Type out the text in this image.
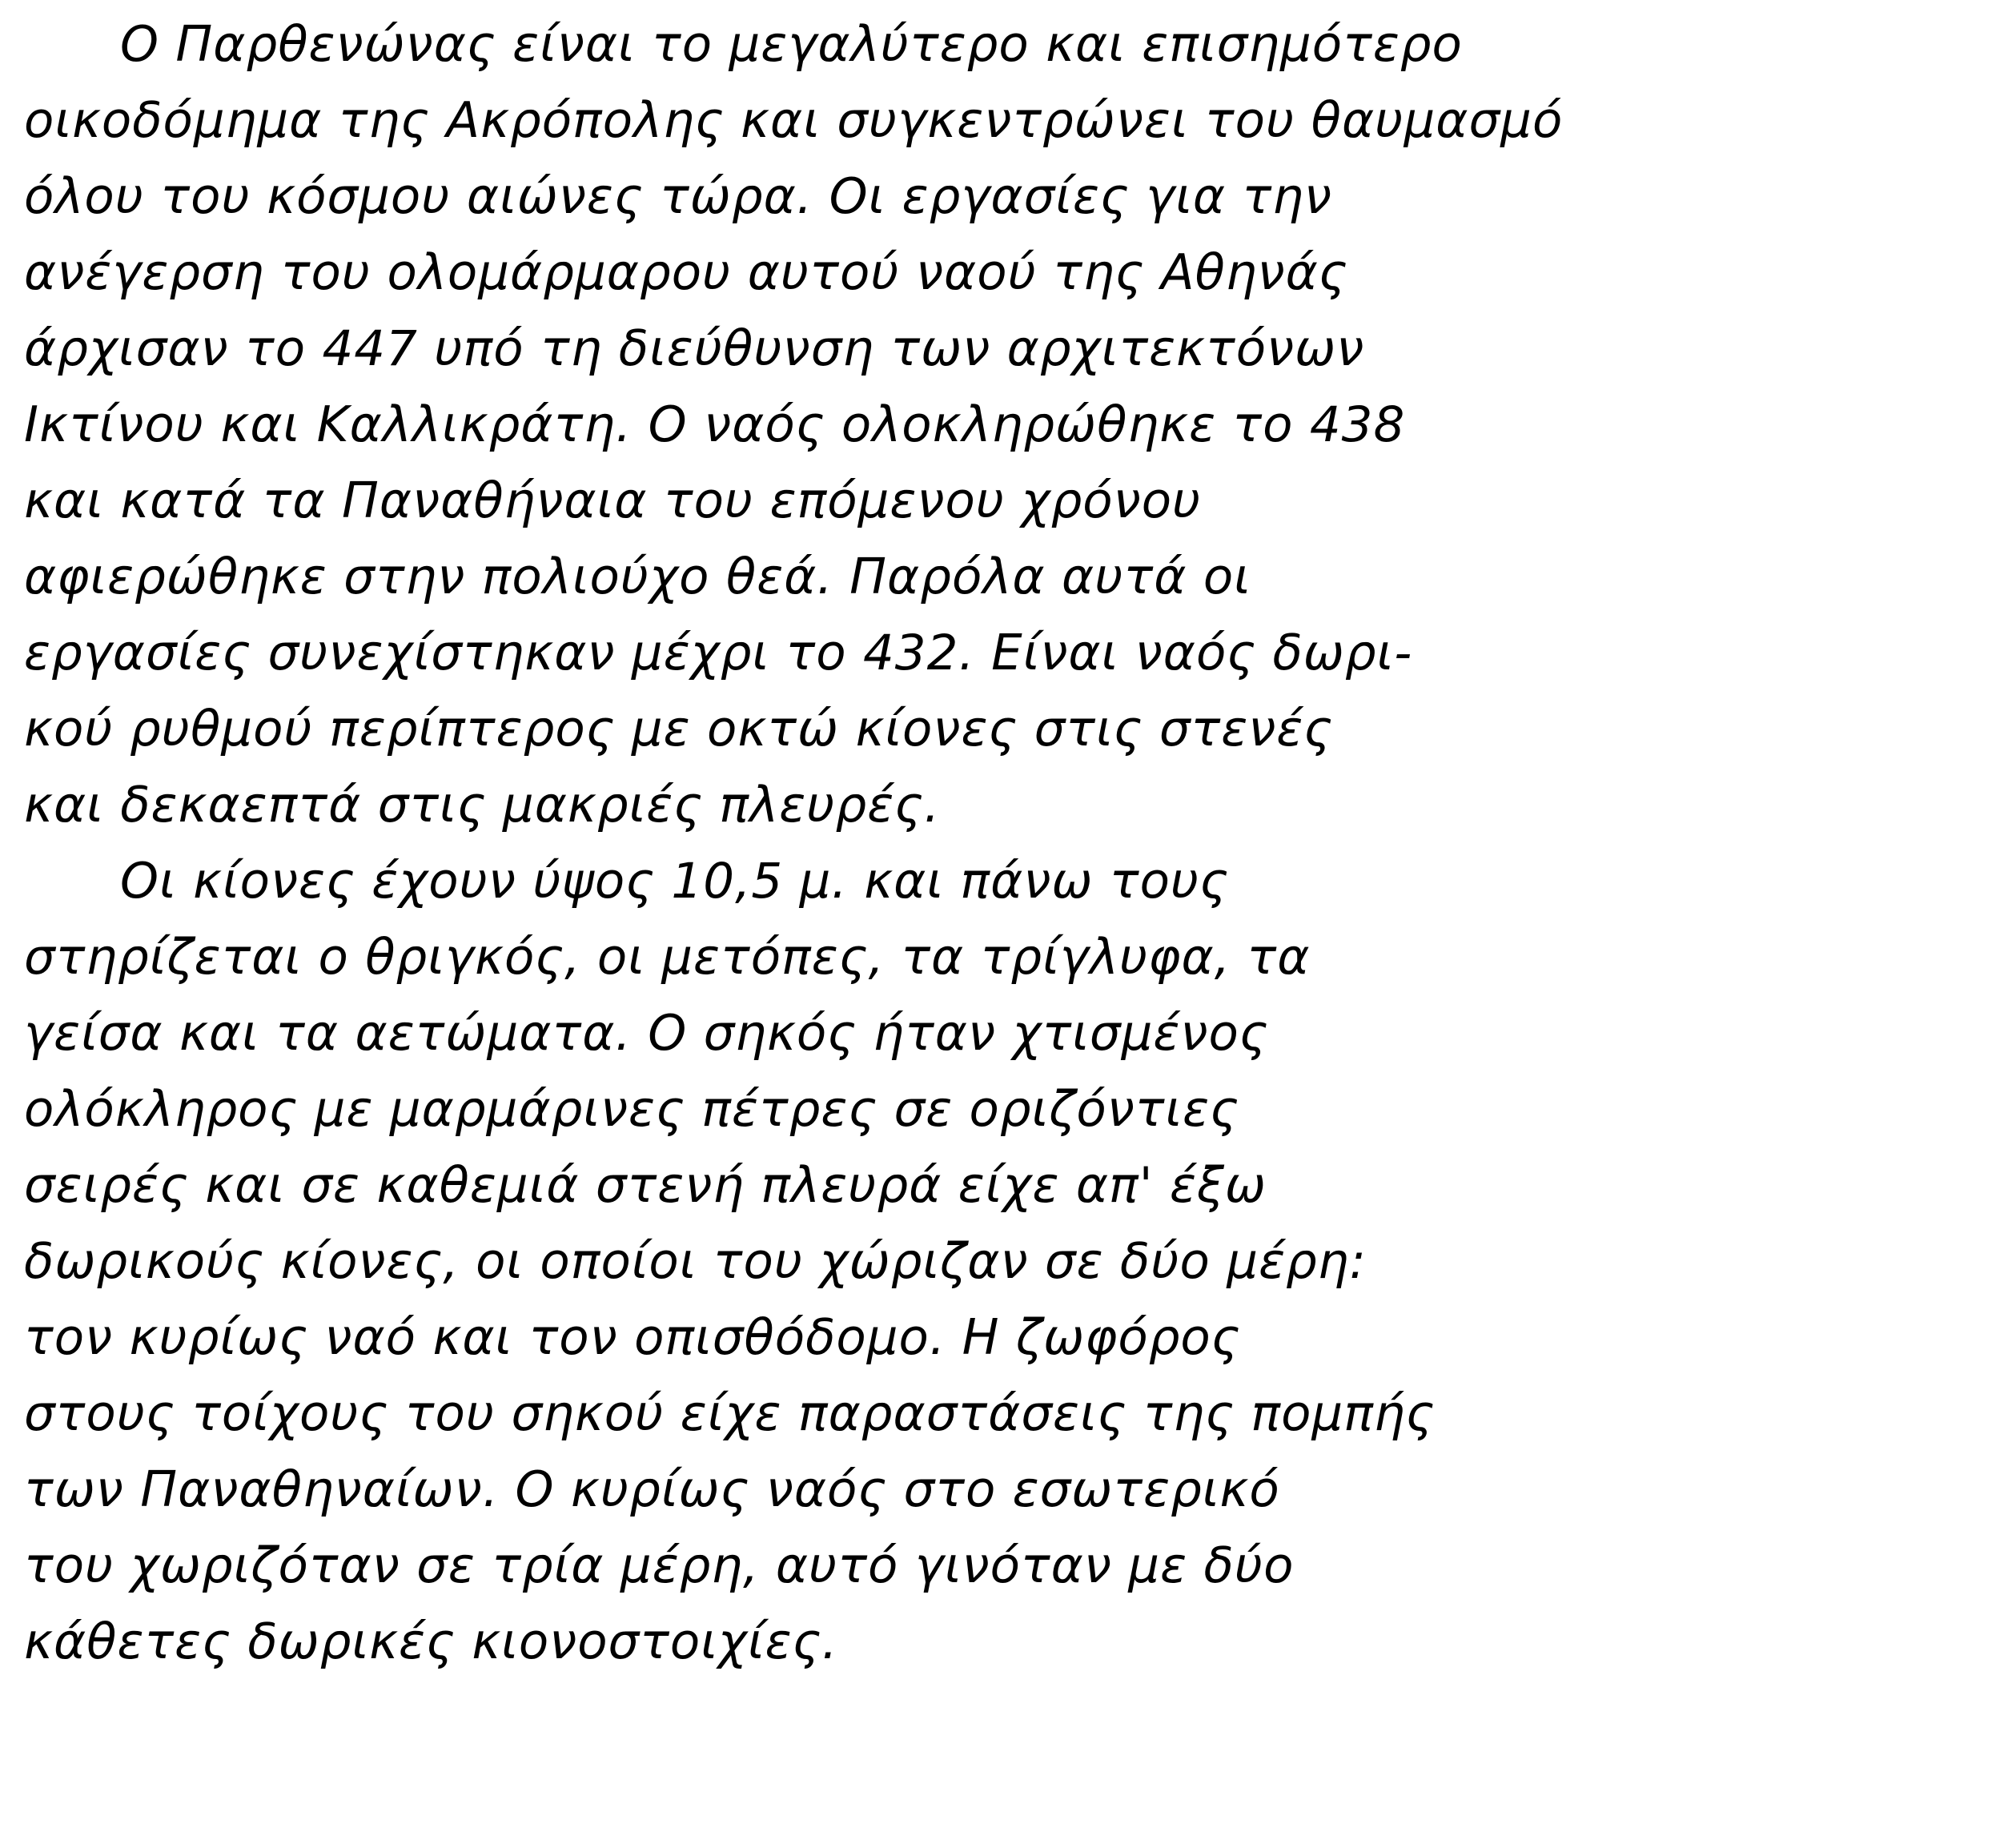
Ο Παρθενώνας είναι το μεγαλύτερο και επισημότερο
οικοδόμημα της Ακρόπολης και συγκεντρώνει του θαυμασμό
όλου του κόσμου αιώνες τώρα. Οι εργασίες για την
ανέγερση του ολομάρμαρου αυτού ναού της Αθηνάς
άρχισαν το 447 υπό τη διεύθυνση των αρχιτεκτόνων
Ικτίνου και Καλλικράτη. Ο ναός ολοκληρώθηκε το 438
και κατά τα Παναθήναια του επόμενου χρόνου
αφιερώθηκε στην πολιούχο θεά. Παρόλα αυτά οι
εργασίες συνεχίστηκαν μέχρι το 432. Είναι ναός δωρι-
κού ρυθμού περίπτερος με οκτώ κίονες στις στενές
και δεκαεπτά στις μακριές πλευρές.
Οι κίονες έχουν ύψος 10,5 μ. και πάνω τους
στηρίζεται ο θριγκός, οι μετόπες, τα τρίγλυφα, τα
γείσα και τα αετώματα. Ο σηκός ήταν χτισμένος
ολόκληρος με μαρμάρινες πέτρες σε οριζόντιες
σειρές και σε καθεμιά στενή πλευρά είχε απ' έξω
δωρικούς κίονες, οι οποίοι του χώριζαν σε δύο μέρη:
τον κυρίως ναό και τον οπισθόδομο. Η ζωφόρος
στους τοίχους του σηκού είχε παραστάσεις της πομπής
των Παναθηναίων. Ο κυρίως ναός στο εσωτερικό
του χωριζόταν σε τρία μέρη, αυτό γινόταν με δύο
κάθετες δωρικές κιονοστοιχίες.
